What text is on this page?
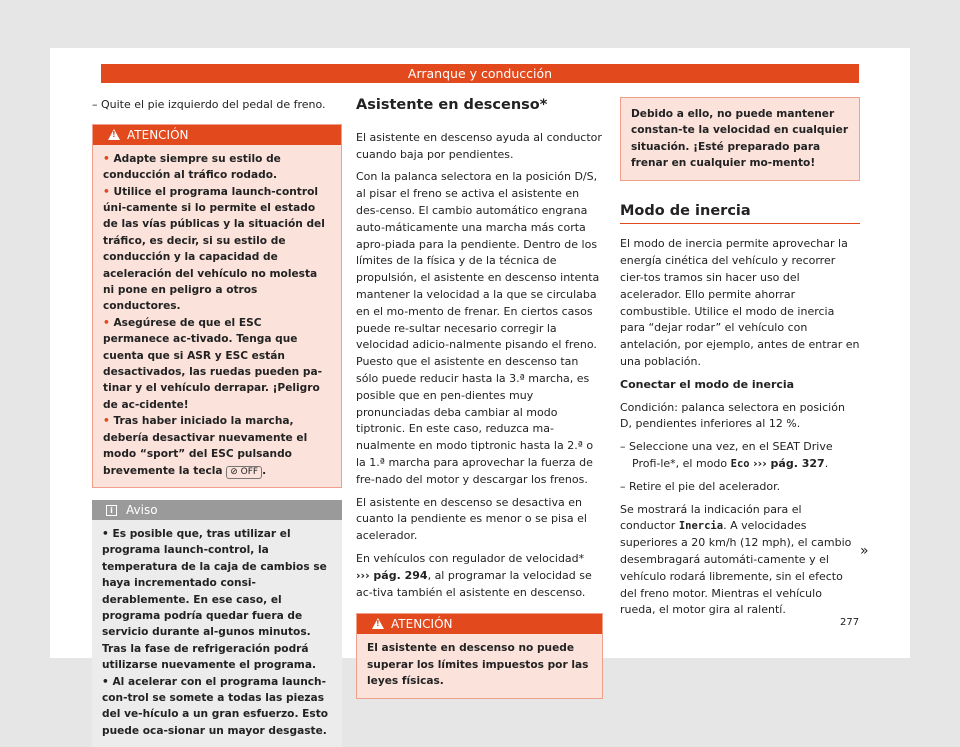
Arranque y conducción

– Quite el pie izquierdo del pedal de freno.

!
ATENCIÓN

• Adapte siempre su estilo de conducción al tráfico rodado.

• Utilice el programa launch-control úni-camente si lo permite el estado de las vías públicas y la situación del tráfico, es decir, si su estilo de conducción y la capacidad de aceleración del vehículo no molesta ni pone en peligro a otros conductores.

• Asegúrese de que el ESC permanece ac-tivado. Tenga que cuenta que si ASR y ESC están desactivados, las ruedas pueden pa-tinar y el vehículo derrapar. ¡Peligro de ac-cidente!

• Tras haber iniciado la marcha, debería desactivar nuevamente el modo “sport” del ESC pulsando brevemente la tecla ⊘ OFF .

i	Aviso

• Es posible que, tras utilizar el programa launch-control, la temperatura de la caja de cambios se haya incrementado consi-derablemente. En ese caso, el programa podría quedar fuera de servicio durante al-gunos minutos. Tras la fase de refrigeración podrá utilizarse nuevamente el programa.

• Al acelerar con el programa launch-con-trol se somete a todas las piezas del ve-hículo a un gran esfuerzo. Esto puede oca-sionar un mayor desgaste.

Asistente en descenso*

El asistente en descenso ayuda al conductor cuando baja por pendientes.

Con la palanca selectora en la posición D/S, al pisar el freno se activa el asistente en des-censo. El cambio automático engrana auto-máticamente una marcha más corta apro-piada para la pendiente. Dentro de los límites de la física y de la técnica de propulsión, el asistente en descenso intenta mantener la velocidad a la que se circulaba en el mo-mento de frenar. En ciertos casos puede re-sultar necesario corregir la velocidad adicio-nalmente pisando el freno. Puesto que el asistente en descenso tan sólo puede reducir hasta la 3.ª marcha, es posible que en pen-dientes muy pronunciadas deba cambiar al modo tiptronic. En este caso, reduzca ma-nualmente en modo tiptronic hasta la 2.ª o la 1.ª marcha para aprovechar la fuerza de fre-nado del motor y descargar los frenos.

El asistente en descenso se desactiva en cuanto la pendiente es menor o se pisa el acelerador.

En vehículos con regulador de velocidad*
››› pág. 294, al programar la velocidad se ac-tiva también el asistente en descenso.

!
ATENCIÓN

El asistente en descenso no puede superar los límites impuestos por las leyes físicas.

Debido a ello, no puede mantener constan-te la velocidad en cualquier situación. ¡Esté preparado para frenar en cualquier mo-mento!

Modo de inercia

El modo de inercia permite aprovechar la energía cinética del vehículo y recorrer cier-tos tramos sin hacer uso del acelerador. Ello permite ahorrar combustible. Utilice el modo de inercia para “dejar rodar” el vehículo con antelación, por ejemplo, antes de entrar en una población.

Conectar el modo de inercia

Condición: palanca selectora en posición D, pendientes inferiores al 12 %.

– Seleccione una vez, en el SEAT Drive Profi-le*, el modo Eco ››› pág. 327.

– Retire el pie del acelerador.

Se mostrará la indicación para el conductor Inercia. A velocidades superiores a 20 km/h (12 mph), el cambio desembragará automáti-camente y el vehículo rodará libremente, sin el efecto del freno motor. Mientras el vehículo rueda, el motor gira al ralentí.

»
277
